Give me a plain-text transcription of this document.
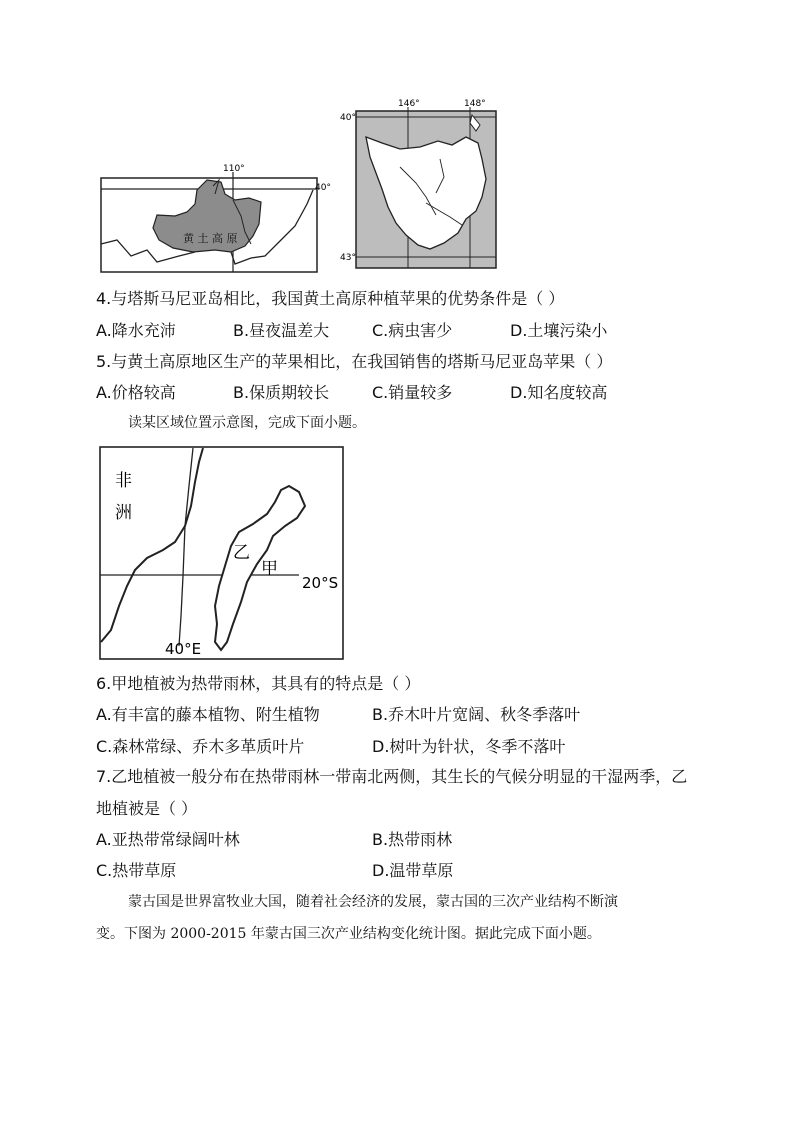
110°
40°
黄 土 高 原
146°	148°
40°
43°
4.与塔斯马尼亚岛相比，我国黄土高原种植苹果的优势条件是（ ）
A.降水充沛	B.昼夜温差大	C.病虫害少	D.土壤污染小
5.与黄土高原地区生产的苹果相比，在我国销售的塔斯马尼亚岛苹果（ ）
A.价格较高	B.保质期较长	C.销量较多	D.知名度较高
读某区域位置示意图，完成下面小题。
非
洲
乙
甲
20°S
40°E
6.甲地植被为热带雨林，其具有的特点是（ ）
A.有丰富的藤本植物、附生植物	B.乔木叶片宽阔、秋冬季落叶
C.森林常绿、乔木多革质叶片	D.树叶为针状，冬季不落叶
7.乙地植被一般分布在热带雨林一带南北两侧，其生长的气候分明显的干湿两季，乙
地植被是（ ）
A.亚热带常绿阔叶林	B.热带雨林
C.热带草原	D.温带草原
蒙古国是世界富牧业大国，随着社会经济的发展，蒙古国的三次产业结构不断演
变。下图为 2000-2015 年蒙古国三次产业结构变化统计图。据此完成下面小题。
